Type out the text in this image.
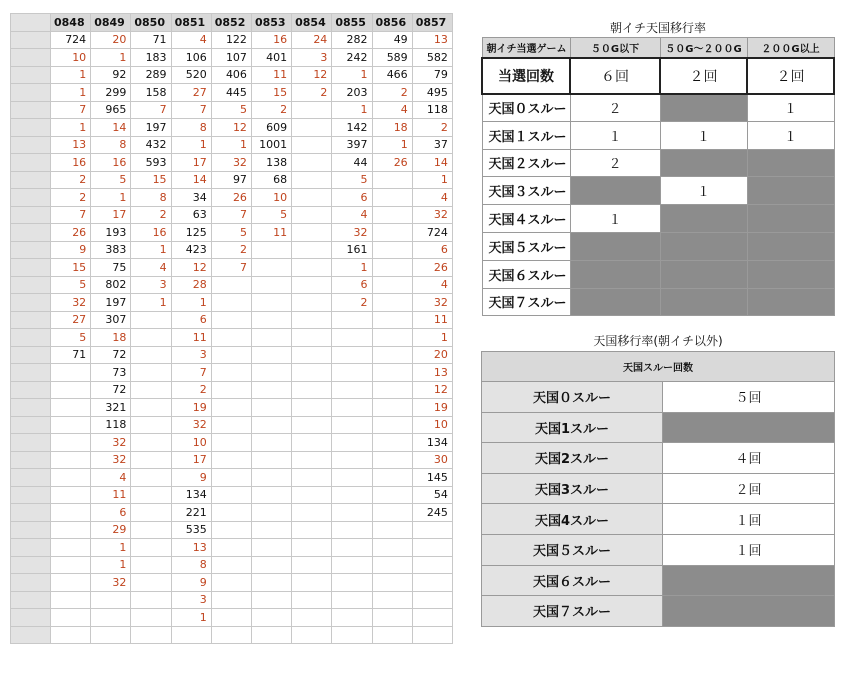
	0848	0849	0850	0851	0852	0853	0854	0855	0856	0857
	724	20	71	4	122	16	24	282	49	13
	10	1	183	106	107	401	3	242	589	582
	1	92	289	520	406	11	12	1	466	79
	1	299	158	27	445	15	2	203	2	495
	7	965	7	7	5	2		1	4	118
	1	14	197	8	12	609		142	18	2
	13	8	432	1	1	1001		397	1	37
	16	16	593	17	32	138		44	26	14
	2	5	15	14	97	68		5		1
	2	1	8	34	26	10		6		4
	7	17	2	63	7	5		4		32
	26	193	16	125	5	11		32		724
	9	383	1	423	2			161		6
	15	75	4	12	7			1		26
	5	802	3	28				6		4
	32	197	1	1				2		32
	27	307		6						11
	5	18		11						1
	71	72		3						20
		73		7						13
		72		2						12
		321		19						19
		118		32						10
		32		10						134
		32		17						30
		4		9						145
		11		134						54
		6		221						245
		29		535						
		1		13						
		1		8						
		32		9						
				3						
				1						

朝イチ天国移行率
朝イチ当選ゲーム	５０G以下	５０G〜２００G	２００G以上
当選回数	６回	２回	２回
天国０スルー	２		１
天国１スルー	１	１	１
天国２スルー	２		
天国３スルー		１	
天国４スルー	１		
天国５スルー			
天国６スルー			
天国７スルー			
天国移行率(朝イチ以外)
天国スルー回数	
天国０スルー	５回
天国1スルー	
天国2スルー	４回
天国3スルー	２回
天国4スルー	１回
天国５スルー	１回
天国６スルー	
天国７スルー	
